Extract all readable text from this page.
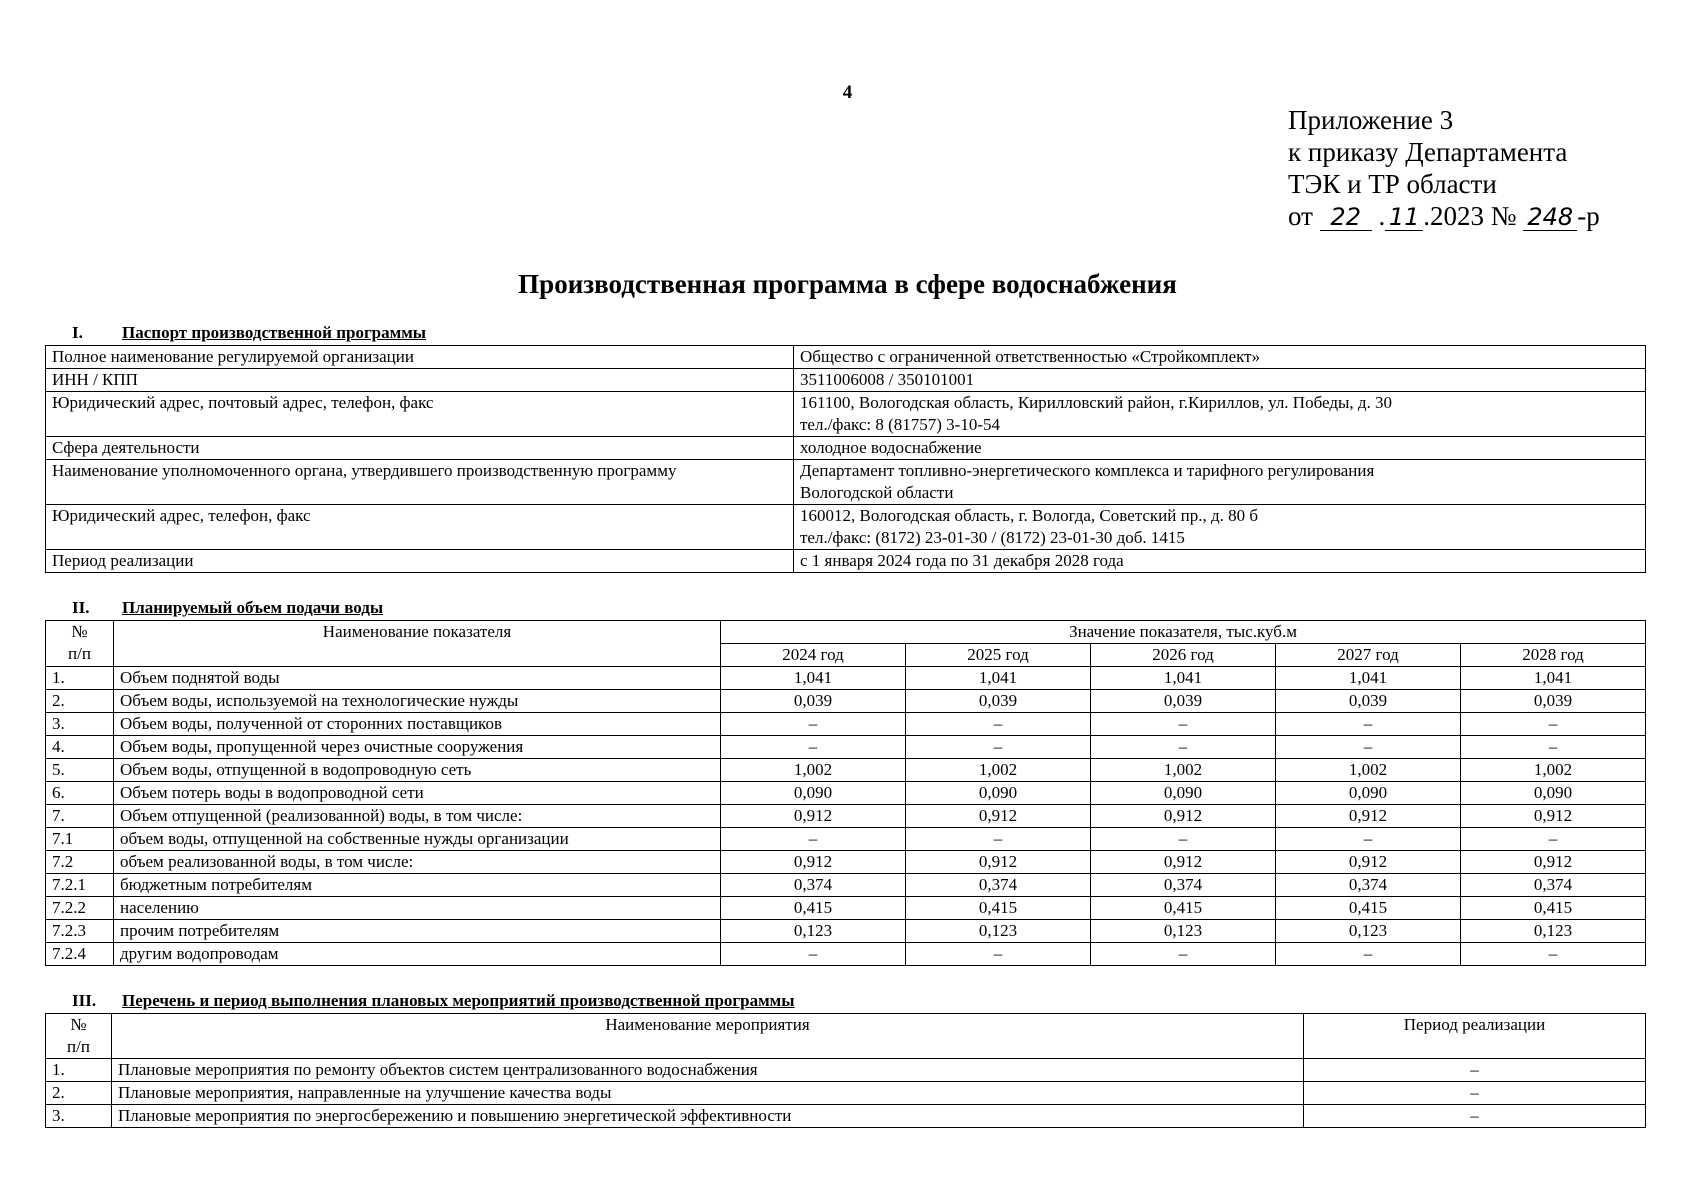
4
Приложение 3
к приказу Департамента
ТЭК и ТР области
от 22 . 11 .2023 № 248 -р
Производственная программа в сфере водоснабжения
I. Паспорт производственной программы
Полное наименование регулируемой организации	Общество с ограниченной ответственностью «Стройкомплект»

ИНН / КПП	3511006008 / 350101001

Юридический адрес, почтовый адрес, телефон, факс	161100, Вологодская область, Кирилловский район, г.Кириллов, ул. Победы, д. 30
тел./факс: 8 (81757) 3-10-54

Сфера деятельности	холодное водоснабжение

Наименование уполномоченного органа, утвердившего производственную программу	Департамент топливно-энергетического комплекса и тарифного регулирования
Вологодской области

Юридический адрес, телефон, факс	160012, Вологодская область, г. Вологда, Советский пр., д. 80 б
тел./факс: (8172) 23-01-30 / (8172) 23-01-30 доб. 1415

Период реализации	с 1 января 2024 года по 31 декабря 2028 года
II. Планируемый объем подачи воды
№
п/п	Наименование показателя	Значение показателя, тыс.куб.м				
		2024 год	2025 год	2026 год	2027 год	2028 год
1.	Объем поднятой воды	1,041	1,041	1,041	1,041	1,041
2.	Объем воды, используемой на технологические нужды	0,039	0,039	0,039	0,039	0,039
3.	Объем воды, полученной от сторонних поставщиков	–	–	–	–	–
4.	Объем воды, пропущенной через очистные сооружения	–	–	–	–	–
5.	Объем воды, отпущенной в водопроводную сеть	1,002	1,002	1,002	1,002	1,002
6.	Объем потерь воды в водопроводной сети	0,090	0,090	0,090	0,090	0,090
7.	Объем отпущенной (реализованной) воды, в том числе:	0,912	0,912	0,912	0,912	0,912
7.1	объем воды, отпущенной на собственные нужды организации	–	–	–	–	–
7.2	объем реализованной воды, в том числе:	0,912	0,912	0,912	0,912	0,912
7.2.1	бюджетным потребителям	0,374	0,374	0,374	0,374	0,374
7.2.2	населению	0,415	0,415	0,415	0,415	0,415
7.2.3	прочим потребителям	0,123	0,123	0,123	0,123	0,123
7.2.4	другим водопроводам	–	–	–	–	–
III. Перечень и период выполнения плановых мероприятий производственной программы
№
п/п	Наименование мероприятия	Период реализации
1.	Плановые мероприятия по ремонту объектов систем централизованного водоснабжения	–
2.	Плановые мероприятия, направленные на улучшение качества воды	–
3.	Плановые мероприятия по энергосбережению и повышению энергетической эффективности	–
